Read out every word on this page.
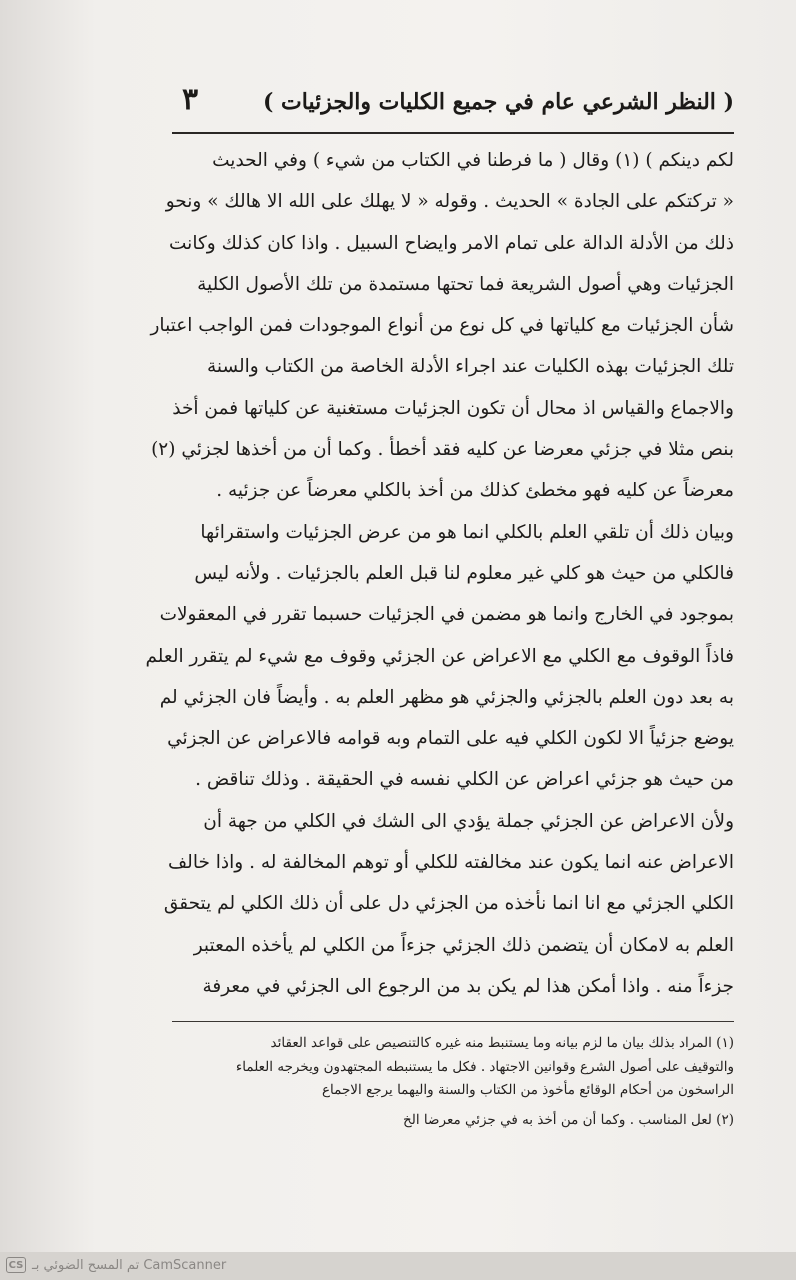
( النظر الشرعي عام في جميع الكليات والجزئيات )
٣
لكم دينكم ) (١) وقال ( ما فرطنا في الكتاب من شيء ) وفي الحديث
« تركتكم على الجادة » الحديث . وقوله « لا يهلك على الله الا هالك » ونحو
ذلك من الأدلة الدالة على تمام الامر وايضاح السبيل . واذا كان كذلك وكانت
الجزئيات وهي أصول الشريعة فما تحتها مستمدة من تلك الأصول الكلية
شأن الجزئيات مع كلياتها في كل نوع من أنواع الموجودات فمن الواجب اعتبار
تلك الجزئيات بهذه الكليات عند اجراء الأدلة الخاصة من الكتاب والسنة
والاجماع والقياس اذ محال أن تكون الجزئيات مستغنية عن كلياتها فمن أخذ
بنص مثلا في جزئي معرضا عن كليه فقد أخطأ . وكما أن من أخذها لجزئي (٢)
معرضاً عن كليه فهو مخطئ كذلك من أخذ بالكلي معرضاً عن جزئيه .
وبيان ذلك أن تلقي العلم بالكلي انما هو من عرض الجزئيات واستقرائها
فالكلي من حيث هو كلي غير معلوم لنا قبل العلم بالجزئيات . ولأنه ليس
بموجود في الخارج وانما هو مضمن في الجزئيات حسبما تقرر في المعقولات
فاذاً الوقوف مع الكلي مع الاعراض عن الجزئي وقوف مع شيء لم يتقرر العلم
به بعد دون العلم بالجزئي والجزئي هو مظهر العلم به . وأيضاً فان الجزئي لم
يوضع جزئياً الا لكون الكلي فيه على التمام وبه قوامه فالاعراض عن الجزئي
من حيث هو جزئي اعراض عن الكلي نفسه في الحقيقة . وذلك تناقض .
ولأن الاعراض عن الجزئي جملة يؤدي الى الشك في الكلي من جهة أن
الاعراض عنه انما يكون عند مخالفته للكلي أو توهم المخالفة له . واذا خالف
الكلي الجزئي مع انا انما نأخذه من الجزئي دل على أن ذلك الكلي لم يتحقق
العلم به لامكان أن يتضمن ذلك الجزئي جزءاً من الكلي لم يأخذه المعتبر
جزءاً منه . واذا أمكن هذا لم يكن بد من الرجوع الى الجزئي في معرفة
(١) المراد بذلك بيان ما لزم بيانه وما يستنبط منه غيره كالتنصيص على قواعد العقائد
والتوقيف على أصول الشرع وقوانين الاجتهاد . فكل ما يستنبطه المجتهدون ويخرجه العلماء
الراسخون من أحكام الوقائع مأخوذ من الكتاب والسنة واليهما يرجع الاجماع
(٢) لعل المناسب . وكما أن من أخذ به في جزئي معرضا الخ
CS تم المسح الضوئي بـ CamScanner
